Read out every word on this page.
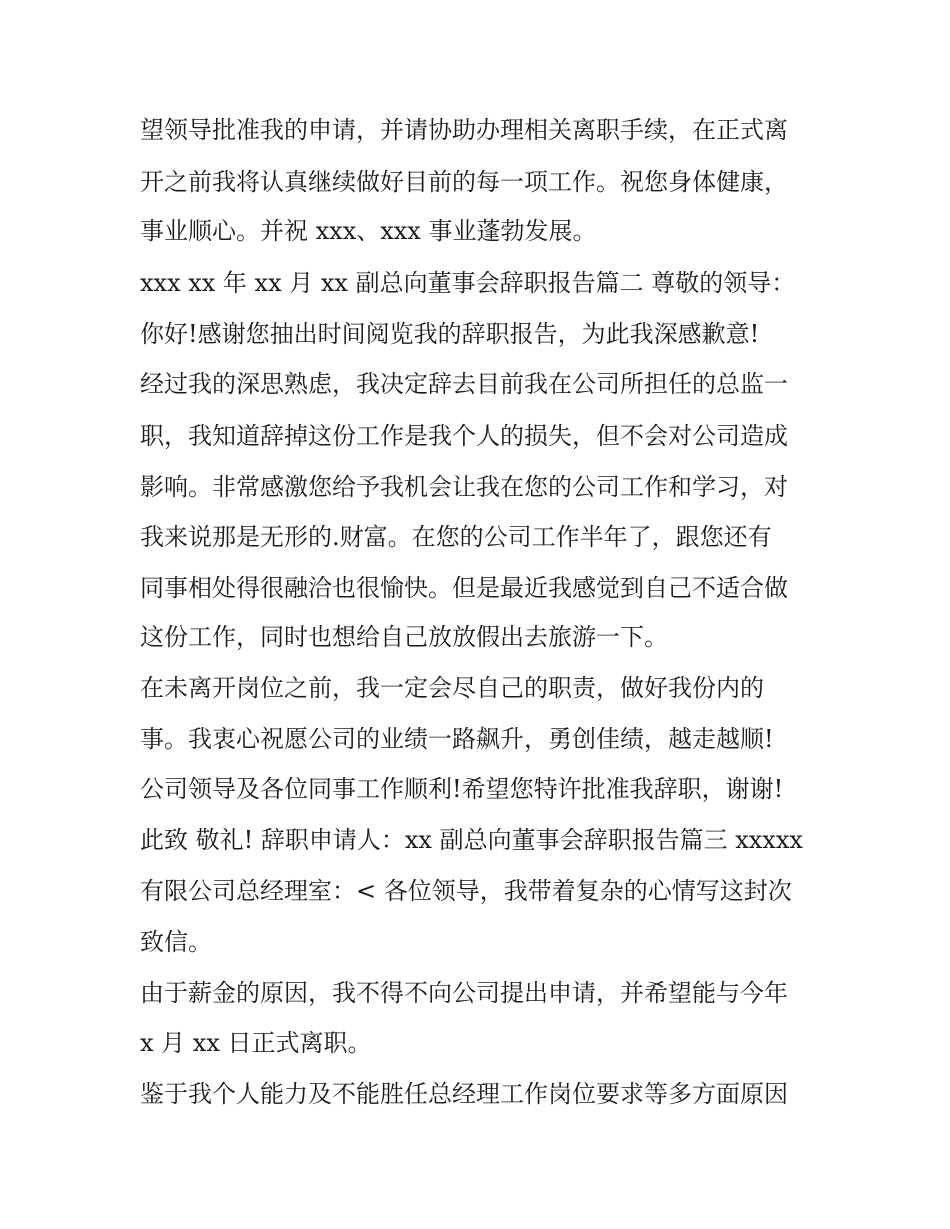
望领导批准我的申请，并请协助办理相关离职手续，在正式离
开之前我将认真继续做好目前的每一项工作。祝您身体健康，
事业顺心。并祝 xxx、xxx 事业蓬勃发展。
xxx xx 年 xx 月 xx 副总向董事会辞职报告篇二 尊敬的领导：
你好!感谢您抽出时间阅览我的辞职报告，为此我深感歉意!
经过我的深思熟虑，我决定辞去目前我在公司所担任的总监一
职，我知道辞掉这份工作是我个人的损失，但不会对公司造成
影响。非常感激您给予我机会让我在您的公司工作和学习，对
我来说那是无形的.财富。在您的公司工作半年了，跟您还有
同事相处得很融洽也很愉快。但是最近我感觉到自己不适合做
这份工作，同时也想给自己放放假出去旅游一下。
在未离开岗位之前，我一定会尽自己的职责，做好我份内的
事。我衷心祝愿公司的业绩一路飙升，勇创佳绩，越走越顺!
公司领导及各位同事工作顺利!希望您特许批准我辞职，谢谢!
此致 敬礼! 辞职申请人：xx 副总向董事会辞职报告篇三 xxxxx
有限公司总经理室：< 各位领导，我带着复杂的心情写这封次
致信。
由于薪金的原因，我不得不向公司提出申请，并希望能与今年
x 月 xx 日正式离职。
鉴于我个人能力及不能胜任总经理工作岗位要求等多方面原因
